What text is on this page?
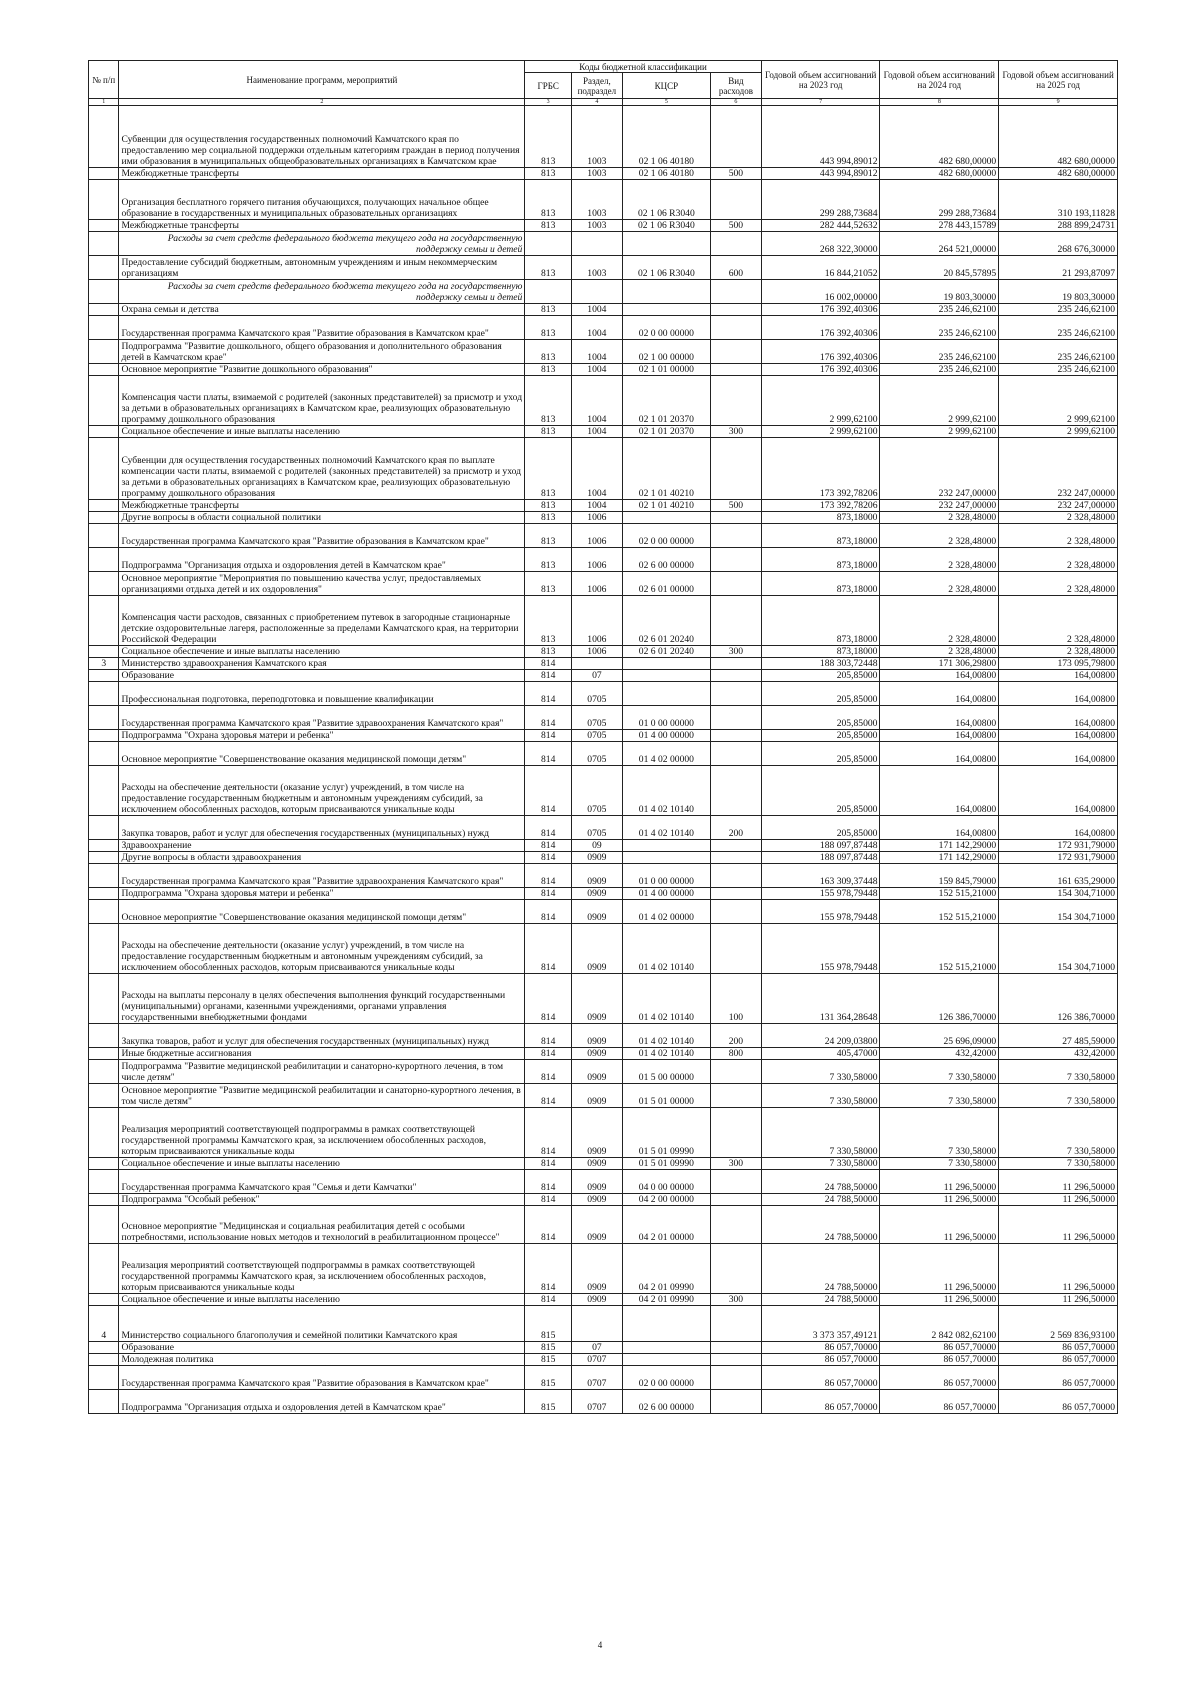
№ п/п	Наименование программ, мероприятий	Коды бюджетной классификации				Годовой объем ассигнований на 2023 год	Годовой объем ассигнований на 2024 год	Годовой объем ассигнований на 2025 год
		ГРБС	Раздел, подраздел	КЦСР	Вид расходов			
1	2	3	4	5	6	7	8	9
	Субвенции для осуществления государственных полномочий Камчатского края по предоставлению мер социальной поддержки отдельным категориям граждан в период получения ими образования в муниципальных общеобразовательных организациях в Камчатском крае	813	1003	02 1 06 40180		443 994,89012	482 680,00000	482 680,00000
	Межбюджетные трансферты	813	1003	02 1 06 40180	500	443 994,89012	482 680,00000	482 680,00000
	Организация бесплатного горячего питания обучающихся, получающих начальное общее образование в государственных и муниципальных образовательных организациях	813	1003	02 1 06 R3040		299 288,73684	299 288,73684	310 193,11828
	Межбюджетные трансферты	813	1003	02 1 06 R3040	500	282 444,52632	278 443,15789	288 899,24731
	Расходы за счет средств федерального бюджета текущего года на государственную поддержку семьи и детей					268 322,30000	264 521,00000	268 676,30000
	Предоставление субсидий бюджетным, автономным учреждениям и иным некоммерческим организациям	813	1003	02 1 06 R3040	600	16 844,21052	20 845,57895	21 293,87097
	Расходы за счет средств федерального бюджета текущего года на государственную поддержку семьи и детей					16 002,00000	19 803,30000	19 803,30000
	Охрана семьи и детства	813	1004			176 392,40306	235 246,62100	235 246,62100
	Государственная программа Камчатского края "Развитие образования в Камчатском крае"	813	1004	02 0 00 00000		176 392,40306	235 246,62100	235 246,62100
	Подпрограмма "Развитие дошкольного, общего образования и дополнительного образования детей в Камчатском крае"	813	1004	02 1 00 00000		176 392,40306	235 246,62100	235 246,62100
	Основное мероприятие "Развитие дошкольного образования"	813	1004	02 1 01 00000		176 392,40306	235 246,62100	235 246,62100
	Компенсация части платы, взимаемой с родителей (законных представителей) за присмотр и уход за детьми в образовательных организациях в Камчатском крае, реализующих образовательную программу дошкольного образования	813	1004	02 1 01 20370		2 999,62100	2 999,62100	2 999,62100
	Социальное обеспечение и иные выплаты населению	813	1004	02 1 01 20370	300	2 999,62100	2 999,62100	2 999,62100
	Субвенции для осуществления государственных полномочий Камчатского края по выплате компенсации части платы, взимаемой с родителей (законных представителей) за присмотр и уход за детьми в образовательных организациях в Камчатском крае, реализующих образовательную программу дошкольного образования	813	1004	02 1 01 40210		173 392,78206	232 247,00000	232 247,00000
	Межбюджетные трансферты	813	1004	02 1 01 40210	500	173 392,78206	232 247,00000	232 247,00000
	Другие вопросы в области социальной политики	813	1006			873,18000	2 328,48000	2 328,48000
	Государственная программа Камчатского края "Развитие образования в Камчатском крае"	813	1006	02 0 00 00000		873,18000	2 328,48000	2 328,48000
	Подпрограмма "Организация отдыха и оздоровления детей в Камчатском крае"	813	1006	02 6 00 00000		873,18000	2 328,48000	2 328,48000
	Основное мероприятие "Мероприятия по повышению качества услуг, предоставляемых организациями отдыха детей и их оздоровления"	813	1006	02 6 01 00000		873,18000	2 328,48000	2 328,48000
	Компенсация части расходов, связанных с приобретением путевок в загородные стационарные детские оздоровительные лагеря, расположенные за пределами Камчатского края, на территории Российской Федерации	813	1006	02 6 01 20240		873,18000	2 328,48000	2 328,48000
	Социальное обеспечение и иные выплаты населению	813	1006	02 6 01 20240	300	873,18000	2 328,48000	2 328,48000
3	Министерство здравоохранения Камчатского края	814				188 303,72448	171 306,29800	173 095,79800
	Образование	814	07			205,85000	164,00800	164,00800
	Профессиональная подготовка, переподготовка и повышение квалификации	814	0705			205,85000	164,00800	164,00800
	Государственная программа Камчатского края "Развитие здравоохранения Камчатского края"	814	0705	01 0 00 00000		205,85000	164,00800	164,00800
	Подпрограмма "Охрана здоровья матери и ребенка"	814	0705	01 4 00 00000		205,85000	164,00800	164,00800
	Основное мероприятие "Совершенствование оказания медицинской помощи детям"	814	0705	01 4 02 00000		205,85000	164,00800	164,00800
	Расходы на обеспечение деятельности (оказание услуг) учреждений, в том числе на предоставление государственным бюджетным и автономным учреждениям субсидий, за исключением обособленных расходов, которым присваиваются уникальные коды	814	0705	01 4 02 10140		205,85000	164,00800	164,00800
	Закупка товаров, работ и услуг для обеспечения государственных (муниципальных) нужд	814	0705	01 4 02 10140	200	205,85000	164,00800	164,00800
	Здравоохранение	814	09			188 097,87448	171 142,29000	172 931,79000
	Другие вопросы в области здравоохранения	814	0909			188 097,87448	171 142,29000	172 931,79000
	Государственная программа Камчатского края "Развитие здравоохранения Камчатского края"	814	0909	01 0 00 00000		163 309,37448	159 845,79000	161 635,29000
	Подпрограмма "Охрана здоровья матери и ребенка"	814	0909	01 4 00 00000		155 978,79448	152 515,21000	154 304,71000
	Основное мероприятие "Совершенствование оказания медицинской помощи детям"	814	0909	01 4 02 00000		155 978,79448	152 515,21000	154 304,71000
	Расходы на обеспечение деятельности (оказание услуг) учреждений, в том числе на предоставление государственным бюджетным и автономным учреждениям субсидий, за исключением обособленных расходов, которым присваиваются уникальные коды	814	0909	01 4 02 10140		155 978,79448	152 515,21000	154 304,71000
	Расходы на выплаты персоналу в целях обеспечения выполнения функций государственными (муниципальными) органами, казенными учреждениями, органами управления государственными внебюджетными фондами	814	0909	01 4 02 10140	100	131 364,28648	126 386,70000	126 386,70000
	Закупка товаров, работ и услуг для обеспечения государственных (муниципальных) нужд	814	0909	01 4 02 10140	200	24 209,03800	25 696,09000	27 485,59000
	Иные бюджетные ассигнования	814	0909	01 4 02 10140	800	405,47000	432,42000	432,42000
	Подпрограмма "Развитие медицинской реабилитации и санаторно-курортного лечения, в том числе детям"	814	0909	01 5 00 00000		7 330,58000	7 330,58000	7 330,58000
	Основное мероприятие "Развитие медицинской реабилитации и санаторно-курортного лечения, в том числе детям"	814	0909	01 5 01 00000		7 330,58000	7 330,58000	7 330,58000
	Реализация мероприятий соответствующей подпрограммы в рамках соответствующей государственной программы Камчатского края, за исключением обособленных расходов, которым присваиваются уникальные коды	814	0909	01 5 01 09990		7 330,58000	7 330,58000	7 330,58000
	Социальное обеспечение и иные выплаты населению	814	0909	01 5 01 09990	300	7 330,58000	7 330,58000	7 330,58000
	Государственная программа Камчатского края "Семья и дети Камчатки"	814	0909	04 0 00 00000		24 788,50000	11 296,50000	11 296,50000
	Подпрограмма "Особый ребенок"	814	0909	04 2 00 00000		24 788,50000	11 296,50000	11 296,50000
	Основное мероприятие "Медицинская и социальная реабилитация детей с особыми потребностями, использование новых методов и технологий в реабилитационном процессе"	814	0909	04 2 01 00000		24 788,50000	11 296,50000	11 296,50000
	Реализация мероприятий соответствующей подпрограммы в рамках соответствующей государственной программы Камчатского края, за исключением обособленных расходов, которым присваиваются уникальные коды	814	0909	04 2 01 09990		24 788,50000	11 296,50000	11 296,50000
	Социальное обеспечение и иные выплаты населению	814	0909	04 2 01 09990	300	24 788,50000	11 296,50000	11 296,50000
4	Министерство социального благополучия и семейной политики Камчатского края	815				3 373 357,49121	2 842 082,62100	2 569 836,93100
	Образование	815	07			86 057,70000	86 057,70000	86 057,70000
	Молодежная политика	815	0707			86 057,70000	86 057,70000	86 057,70000
	Государственная программа Камчатского края "Развитие образования в Камчатском крае"	815	0707	02 0 00 00000		86 057,70000	86 057,70000	86 057,70000
	Подпрограмма "Организация отдыха и оздоровления детей в Камчатском крае"	815	0707	02 6 00 00000		86 057,70000	86 057,70000	86 057,70000
4
